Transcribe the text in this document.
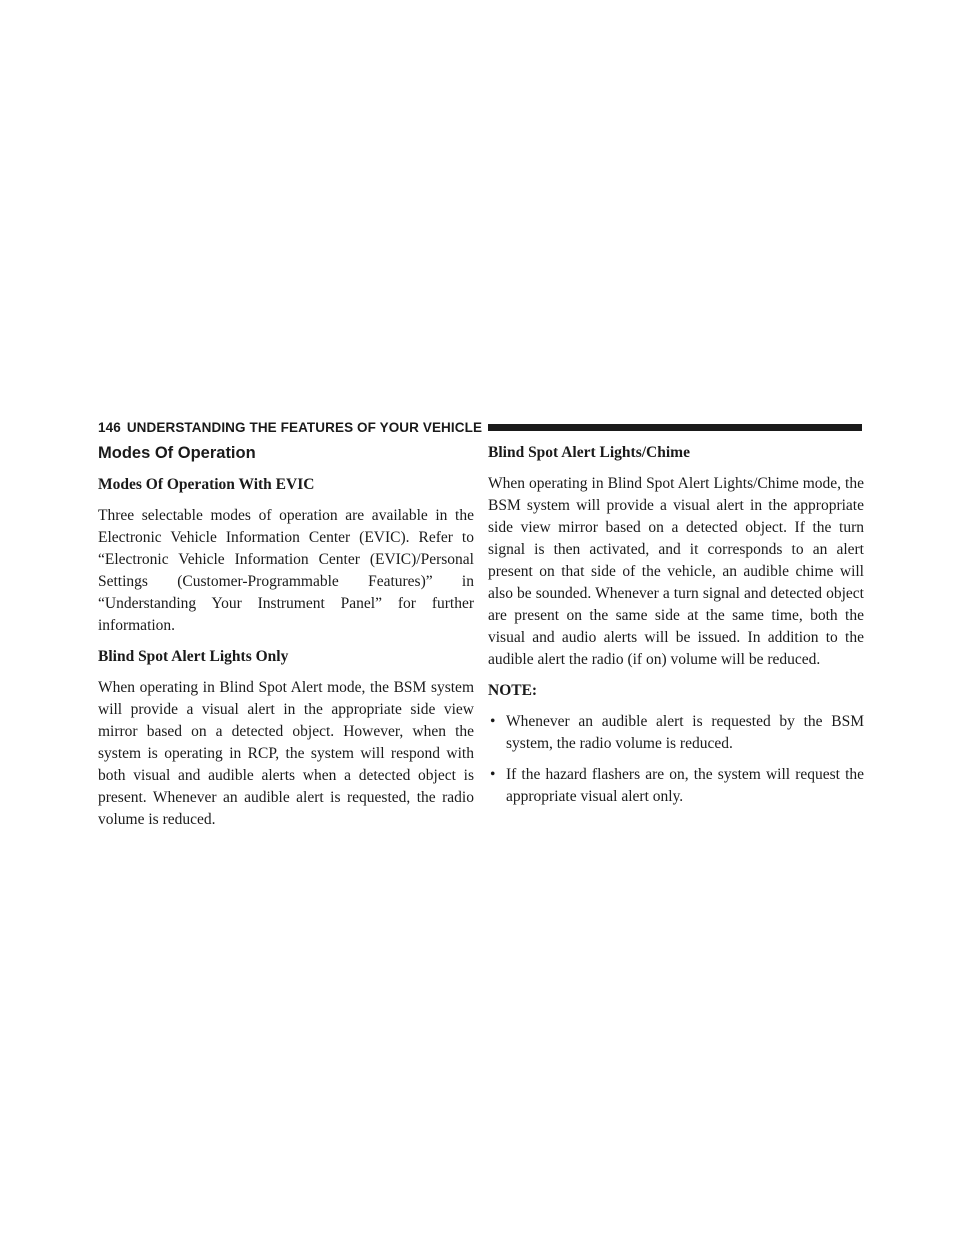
146 UNDERSTANDING THE FEATURES OF YOUR VEHICLE
Modes Of Operation
Modes Of Operation With EVIC

Three selectable modes of operation are available in the Electronic Vehicle Information Center (EVIC). Refer to “Electronic Vehicle Information Center (EVIC)/Personal Settings (Customer-Programmable Features)” in “Understanding Your Instrument Panel” for further information.

Blind Spot Alert Lights Only

When operating in Blind Spot Alert mode, the BSM system will provide a visual alert in the appropriate side view mirror based on a detected object. However, when the system is operating in RCP, the system will respond with both visual and audible alerts when a detected object is present. Whenever an audible alert is requested, the radio volume is reduced.

Blind Spot Alert Lights/Chime

When operating in Blind Spot Alert Lights/Chime mode, the BSM system will provide a visual alert in the appropriate side view mirror based on a detected object. If the turn signal is then activated, and it corresponds to an alert present on that side of the vehicle, an audible chime will also be sounded. Whenever a turn signal and detected object are present on the same side at the same time, both the visual and audio alerts will be issued. In addition to the audible alert the radio (if on) volume will be reduced.

NOTE:
• Whenever an audible alert is requested by the BSM system, the radio volume is reduced.
• If the hazard flashers are on, the system will request the appropriate visual alert only.
